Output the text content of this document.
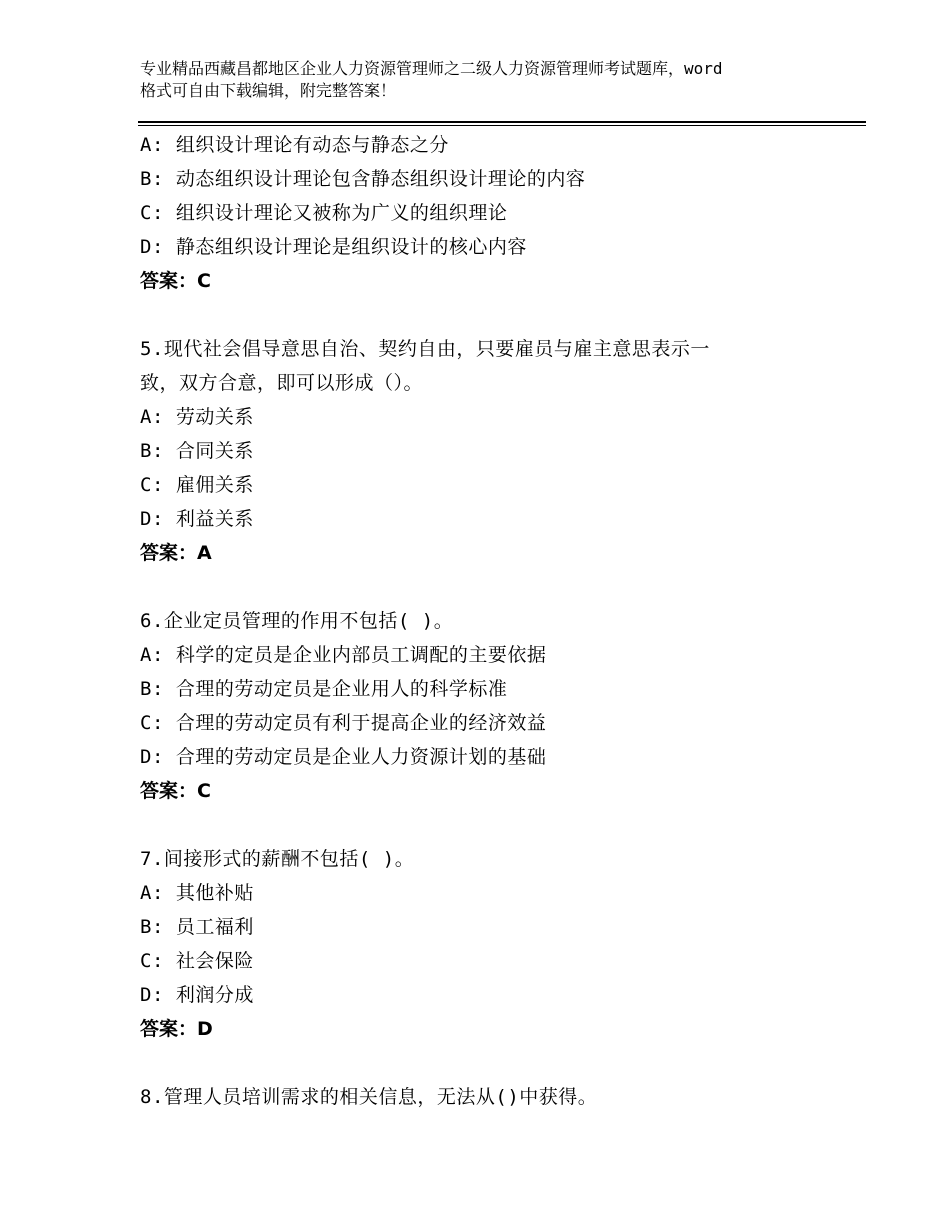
专业精品西藏昌都地区企业人力资源管理师之二级人力资源管理师考试题库，word
格式可自由下载编辑，附完整答案！
A: 组织设计理论有动态与静态之分
B: 动态组织设计理论包含静态组织设计理论的内容
C: 组织设计理论又被称为广义的组织理论
D: 静态组织设计理论是组织设计的核心内容
答案：C
5.现代社会倡导意思自治、契约自由，只要雇员与雇主意思表示一
致，双方合意，即可以形成（）。
A: 劳动关系
B: 合同关系
C: 雇佣关系
D: 利益关系
答案：A
6.企业定员管理的作用不包括( )。
A: 科学的定员是企业内部员工调配的主要依据
B: 合理的劳动定员是企业用人的科学标准
C: 合理的劳动定员有利于提高企业的经济效益
D: 合理的劳动定员是企业人力资源计划的基础
答案：C
7.间接形式的薪酬不包括( )。
A: 其他补贴
B: 员工福利
C: 社会保险
D: 利润分成
答案：D
8.管理人员培训需求的相关信息，无法从()中获得。
